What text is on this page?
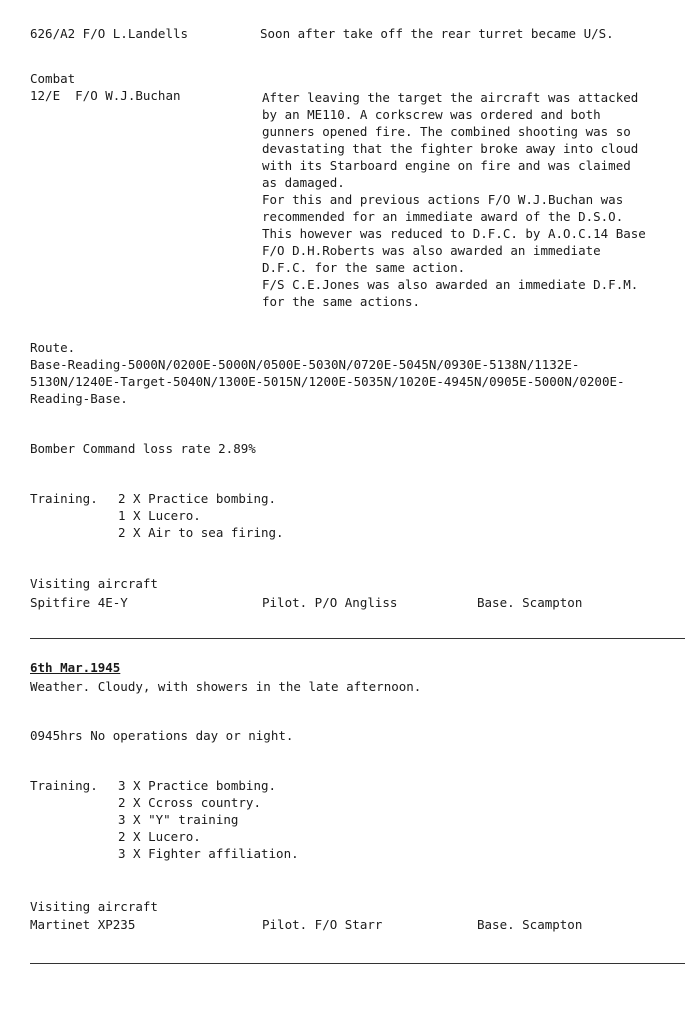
626/A2 F/O L.Landells	Soon after take off the rear turret became U/S.
Combat
12/E  F/O W.J.Buchan	After leaving the target the aircraft was attacked
by an ME110. A corkscrew was ordered and both
gunners opened fire. The combined shooting was so
devastating that the fighter broke away into cloud
with its Starboard engine on fire and was claimed
as damaged.
For this and previous actions F/O W.J.Buchan was
recommended for an immediate award of the D.S.O.
This however was reduced to D.F.C. by A.O.C.14 Base
F/O D.H.Roberts was also awarded an immediate
D.F.C. for the same action.
F/S C.E.Jones was also awarded an immediate D.F.M.
for the same actions.
Route.
Base-Reading-5000N/0200E-5000N/0500E-5030N/0720E-5045N/0930E-5138N/1132E-
5130N/1240E-Target-5040N/1300E-5015N/1200E-5035N/1020E-4945N/0905E-5000N/0200E-
Reading-Base.
Bomber Command loss rate 2.89%
Training. 2 X Practice bombing.
1 X Lucero.
2 X Air to sea firing.
Visiting aircraft
Spitfire 4E-Y	Pilot. P/O Angliss	Base. Scampton
6th Mar.1945
Weather. Cloudy, with showers in the late afternoon.
0945hrs No operations day or night.
Training. 3 X Practice bombing.
2 X Ccross country.
3 X "Y" training
2 X Lucero.
3 X Fighter affiliation.
Visiting aircraft
Martinet XP235	Pilot. F/O Starr	Base. Scampton
